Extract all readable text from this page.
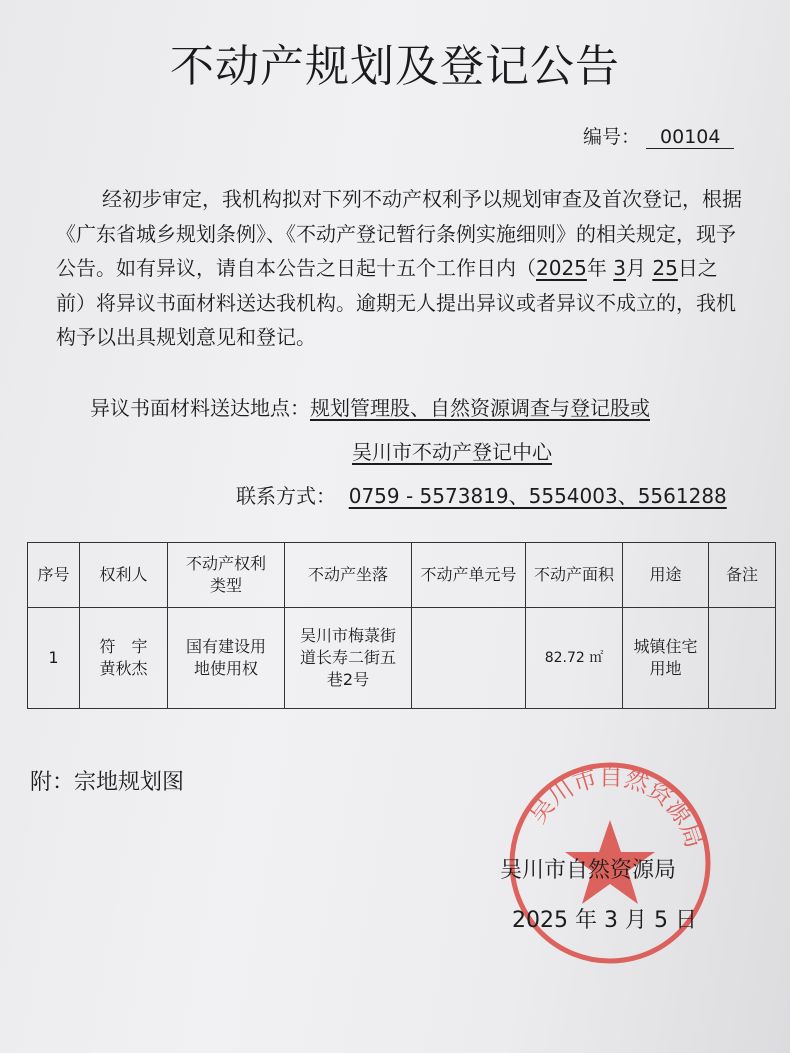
不动产规划及登记公告
编号： 00104
经初步审定，我机构拟对下列不动产权利予以规划审查及首次登记，根据《广东省城乡规划条例》、《不动产登记暂行条例实施细则》的相关规定，现予公告。如有异议，请自本公告之日起十五个工作日内（2025年 3月 25日之前）将异议书面材料送达我机构。逾期无人提出异议或者异议不成立的，我机构予以出具规划意见和登记。
异议书面材料送达地点：规划管理股、自然资源调查与登记股或
吴川市不动产登记中心
联系方式： 0759 - 5573819、5554003、5561288
序号	权利人	不动产权利类型	不动产坐落	不动产单元号	不动产面积	用途	备注
1	符　宇
黄秋杰	国有建设用地使用权	吴川市梅菉街道长寿二街五巷2号		82.72 ㎡	城镇住宅用地	
附：宗地规划图
吴川市自然资源局
吴川市自然资源局
2025 年 3 月 5 日
